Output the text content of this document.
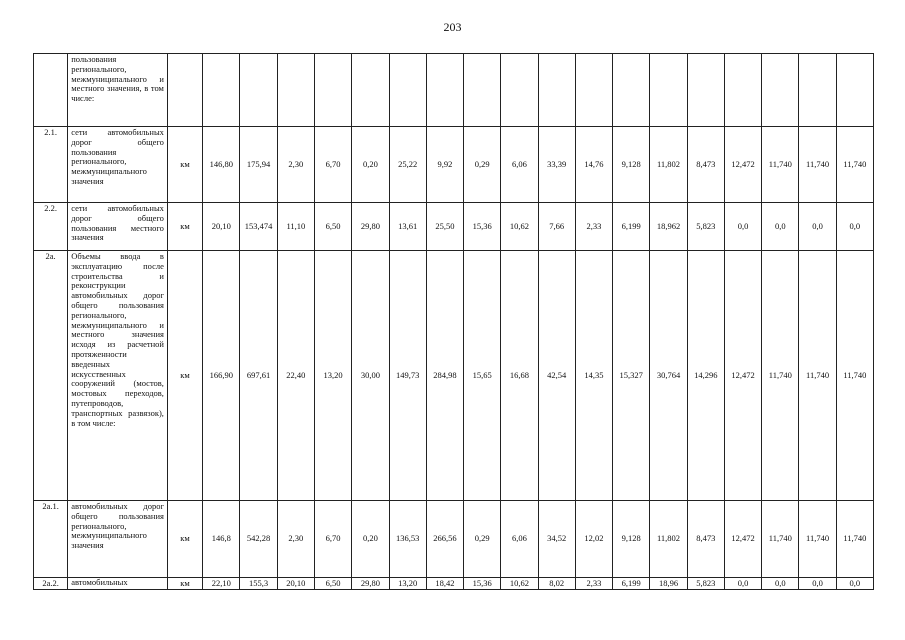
203
	пользования регионального, межмуниципального и местного значения, в том числе:																			
2.1.	сети автомобильных дорог общего пользования регионального, межмуниципального значения	км	146,80	175,94	2,30	6,70	0,20	25,22	9,92	0,29	6,06	33,39	14,76	9,128	11,802	8,473	12,472	11,740	11,740	11,740
2.2.	сети автомобильных дорог общего пользования местного значения	км	20,10	153,474	11,10	6,50	29,80	13,61	25,50	15,36	10,62	7,66	2,33	6,199	18,962	5,823	0,0	0,0	0,0	0,0
2a.	Объемы ввода в эксплуатацию после строительства и реконструкции автомобильных дорог общего пользования регионального, межмуниципального и местного значения исходя из расчетной протяженности введенных искусственных сооружений (мостов, мостовых переходов, путепроводов, транспортных развязок), в том числе:	км	166,90	697,61	22,40	13,20	30,00	149,73	284,98	15,65	16,68	42,54	14,35	15,327	30,764	14,296	12,472	11,740	11,740	11,740
2a.1.	автомобильных дорог общего пользования регионального, межмуниципального значения	км	146,8	542,28	2,30	6,70	0,20	136,53	266,56	0,29	6,06	34,52	12,02	9,128	11,802	8,473	12,472	11,740	11,740	11,740
2a.2.	автомобильных	км	22,10	155,3	20,10	6,50	29,80	13,20	18,42	15,36	10,62	8,02	2,33	6,199	18,96	5,823	0,0	0,0	0,0	0,0
